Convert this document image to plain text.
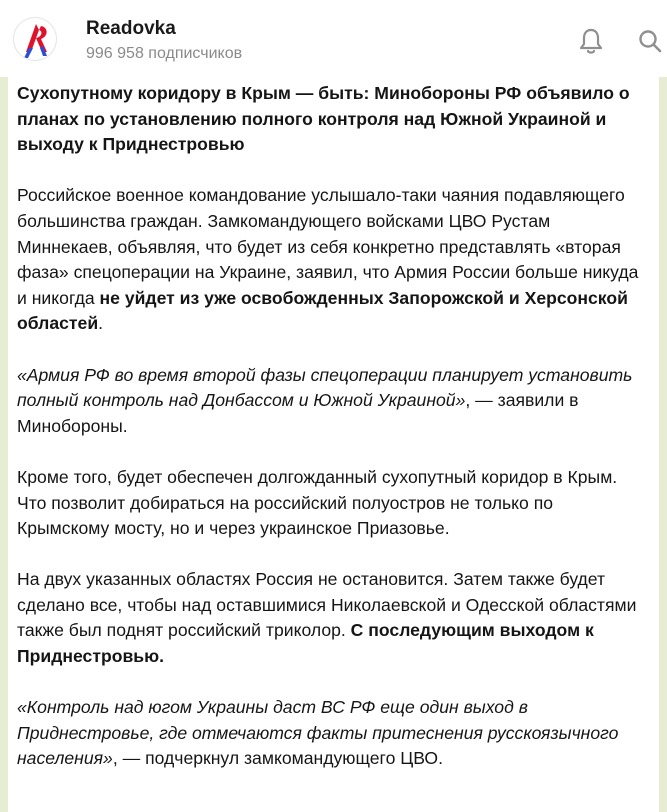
Readovka
996 958 подписчиков

Сухопутному коридору в Крым — быть: Минобороны РФ объявило о планах по установлению полного контроля над Южной Украиной и выходу к Приднестровью

Российское военное командование услышало-таки чаяния подавляющего большинства граждан. Замкомандующего войсками ЦВО Рустам Миннекаев, объявляя, что будет из себя конкретно представлять «вторая фаза» спецоперации на Украине, заявил, что Армия России больше никуда и никогда не уйдет из уже освобожденных Запорожской и Херсонской областей.

«Армия РФ во время второй фазы спецоперации планирует установить полный контроль над Донбассом и Южной Украиной», — заявили в Минобороны.

Кроме того, будет обеспечен долгожданный сухопутный коридор в Крым. Что позволит добираться на российский полуостров не только по Крымскому мосту, но и через украинское Приазовье.

На двух указанных областях Россия не остановится. Затем также будет сделано все, чтобы над оставшимися Николаевской и Одесской областями также был поднят российский триколор. С последующим выходом к Приднестровью.

«Контроль над югом Украины даст ВС РФ еще один выход в Приднестровье, где отмечаются факты притеснения русскоязычного населения», — подчеркнул замкомандующего ЦВО.
